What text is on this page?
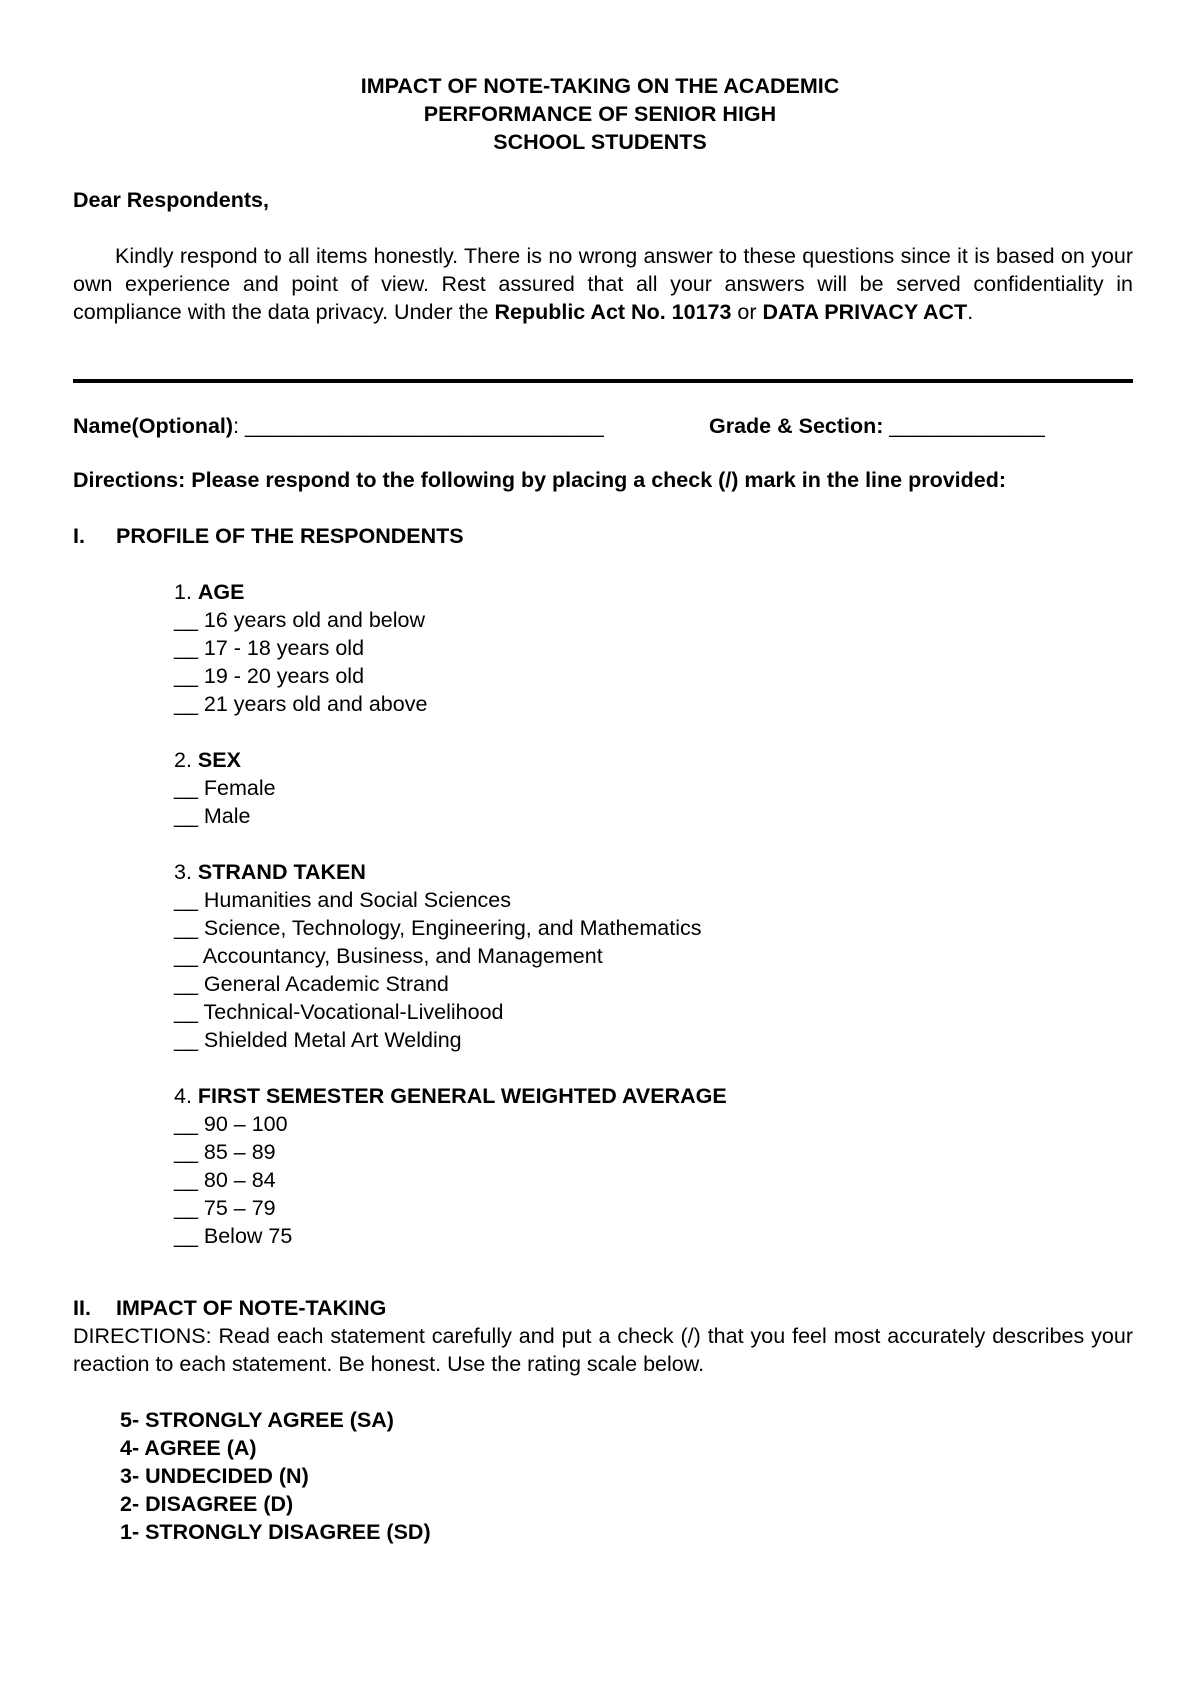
IMPACT OF NOTE-TAKING ON THE ACADEMIC
PERFORMANCE OF SENIOR HIGH
SCHOOL STUDENTS
Dear Respondents,
Kindly respond to all items honestly. There is no wrong answer to these questions since it is based on your own experience and point of view. Rest assured that all your answers will be served confidentiality in compliance with the data privacy. Under the Republic Act No. 10173 or DATA PRIVACY ACT.
Name(Optional): ______________________________	Grade & Section: _____________
Directions: Please respond to the following by placing a check (/) mark in the line provided:
I. PROFILE OF THE RESPONDENTS
1. AGE
__ 16 years old and below
__ 17 - 18 years old
__ 19 - 20 years old
__ 21 years old and above
2. SEX
__ Female
__ Male
3. STRAND TAKEN
__ Humanities and Social Sciences
__ Science, Technology, Engineering, and Mathematics
__ Accountancy, Business, and Management
__ General Academic Strand
__ Technical-Vocational-Livelihood
__ Shielded Metal Art Welding
4. FIRST SEMESTER GENERAL WEIGHTED AVERAGE
__ 90 – 100
__ 85 – 89
__ 80 – 84
__ 75 – 79
__ Below 75
II. IMPACT OF NOTE-TAKING
DIRECTIONS: Read each statement carefully and put a check (/) that you feel most accurately describes your reaction to each statement. Be honest. Use the rating scale below.
5- STRONGLY AGREE (SA)
4- AGREE (A)
3- UNDECIDED (N)
2- DISAGREE (D)
1- STRONGLY DISAGREE (SD)
